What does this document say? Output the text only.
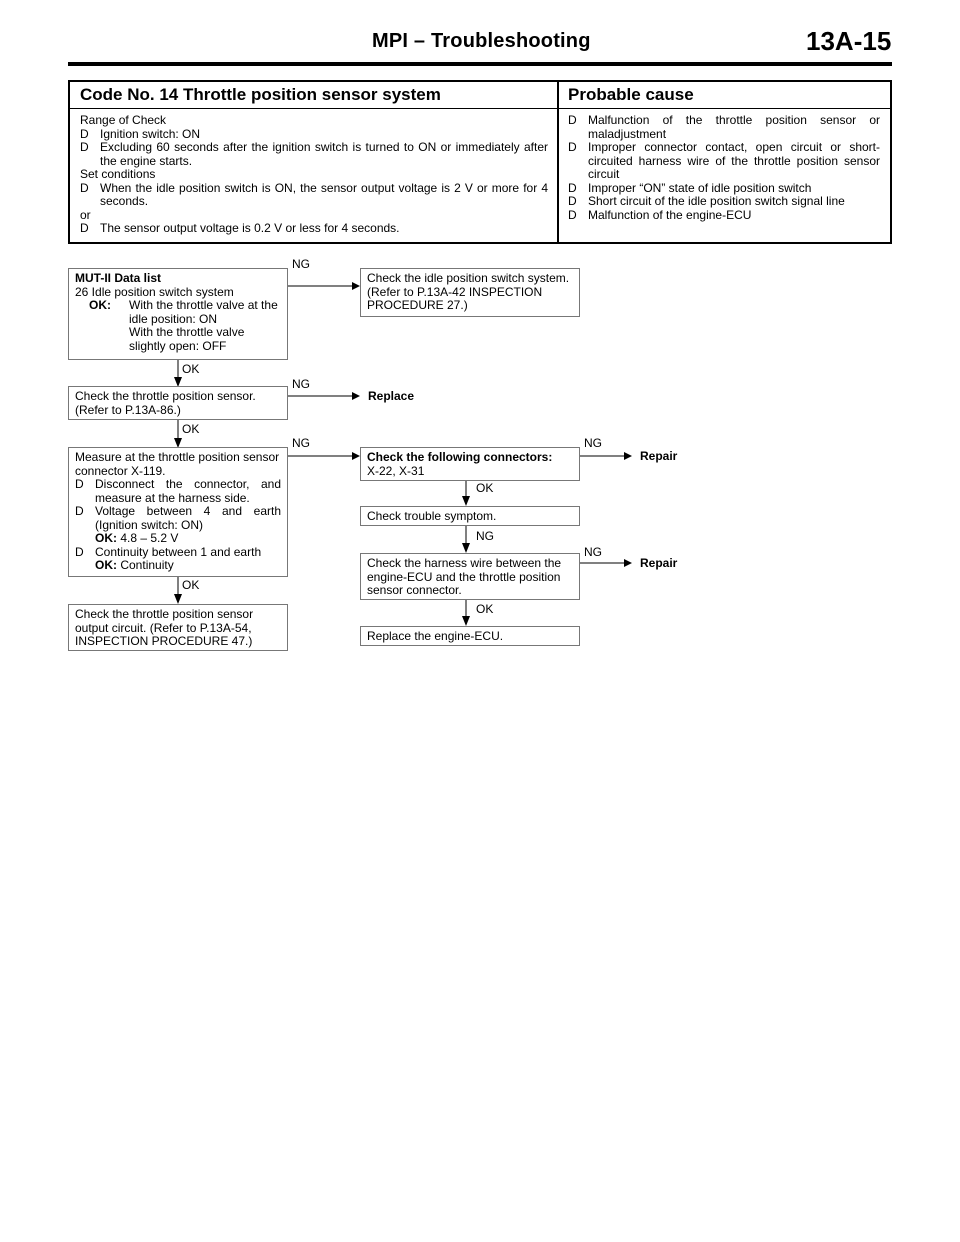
MPI – Troubleshooting	13A-15
Code No. 14 Throttle position sensor system	Probable cause
Range of Check
D Ignition switch: ON
D Excluding 60 seconds after the ignition switch is turned to ON or immediately after the engine starts.
Set conditions
D When the idle position switch is ON, the sensor output voltage is 2 V or more for 4 seconds.
or
D The sensor output voltage is 0.2 V or less for 4 seconds.
D Malfunction of the throttle position sensor or maladjustment
D Improper connector contact, open circuit or short-circuited harness wire of the throttle position sensor circuit
D Improper “ON” state of idle position switch
D Short circuit of the idle position switch signal line
D Malfunction of the engine-ECU
MUT-II Data list
26 Idle position switch system
OK:	With the throttle valve at the idle position: ON
With the throttle valve slightly open: OFF
Check the idle position switch system. (Refer to P.13A-42 INSPECTION PROCEDURE 27.)
Check the throttle position sensor. (Refer to P.13A-86.)
Replace
Measure at the throttle position sensor connector X-119.
D Disconnect the connector, and measure at the harness side.
D Voltage between 4 and earth (Ignition switch: ON)
OK: 4.8 – 5.2 V
D Continuity between 1 and earth
OK: Continuity
Check the following connectors:
X-22, X-31
Repair
Check trouble symptom.
Check the harness wire between the engine-ECU and the throttle position sensor connector.
Repair
Replace the engine-ECU.
Check the throttle position sensor output circuit. (Refer to P.13A-54, INSPECTION PROCEDURE 47.)
NG
OK
NG
OK
NG	NG
OK
NG
NG
OK
OK
